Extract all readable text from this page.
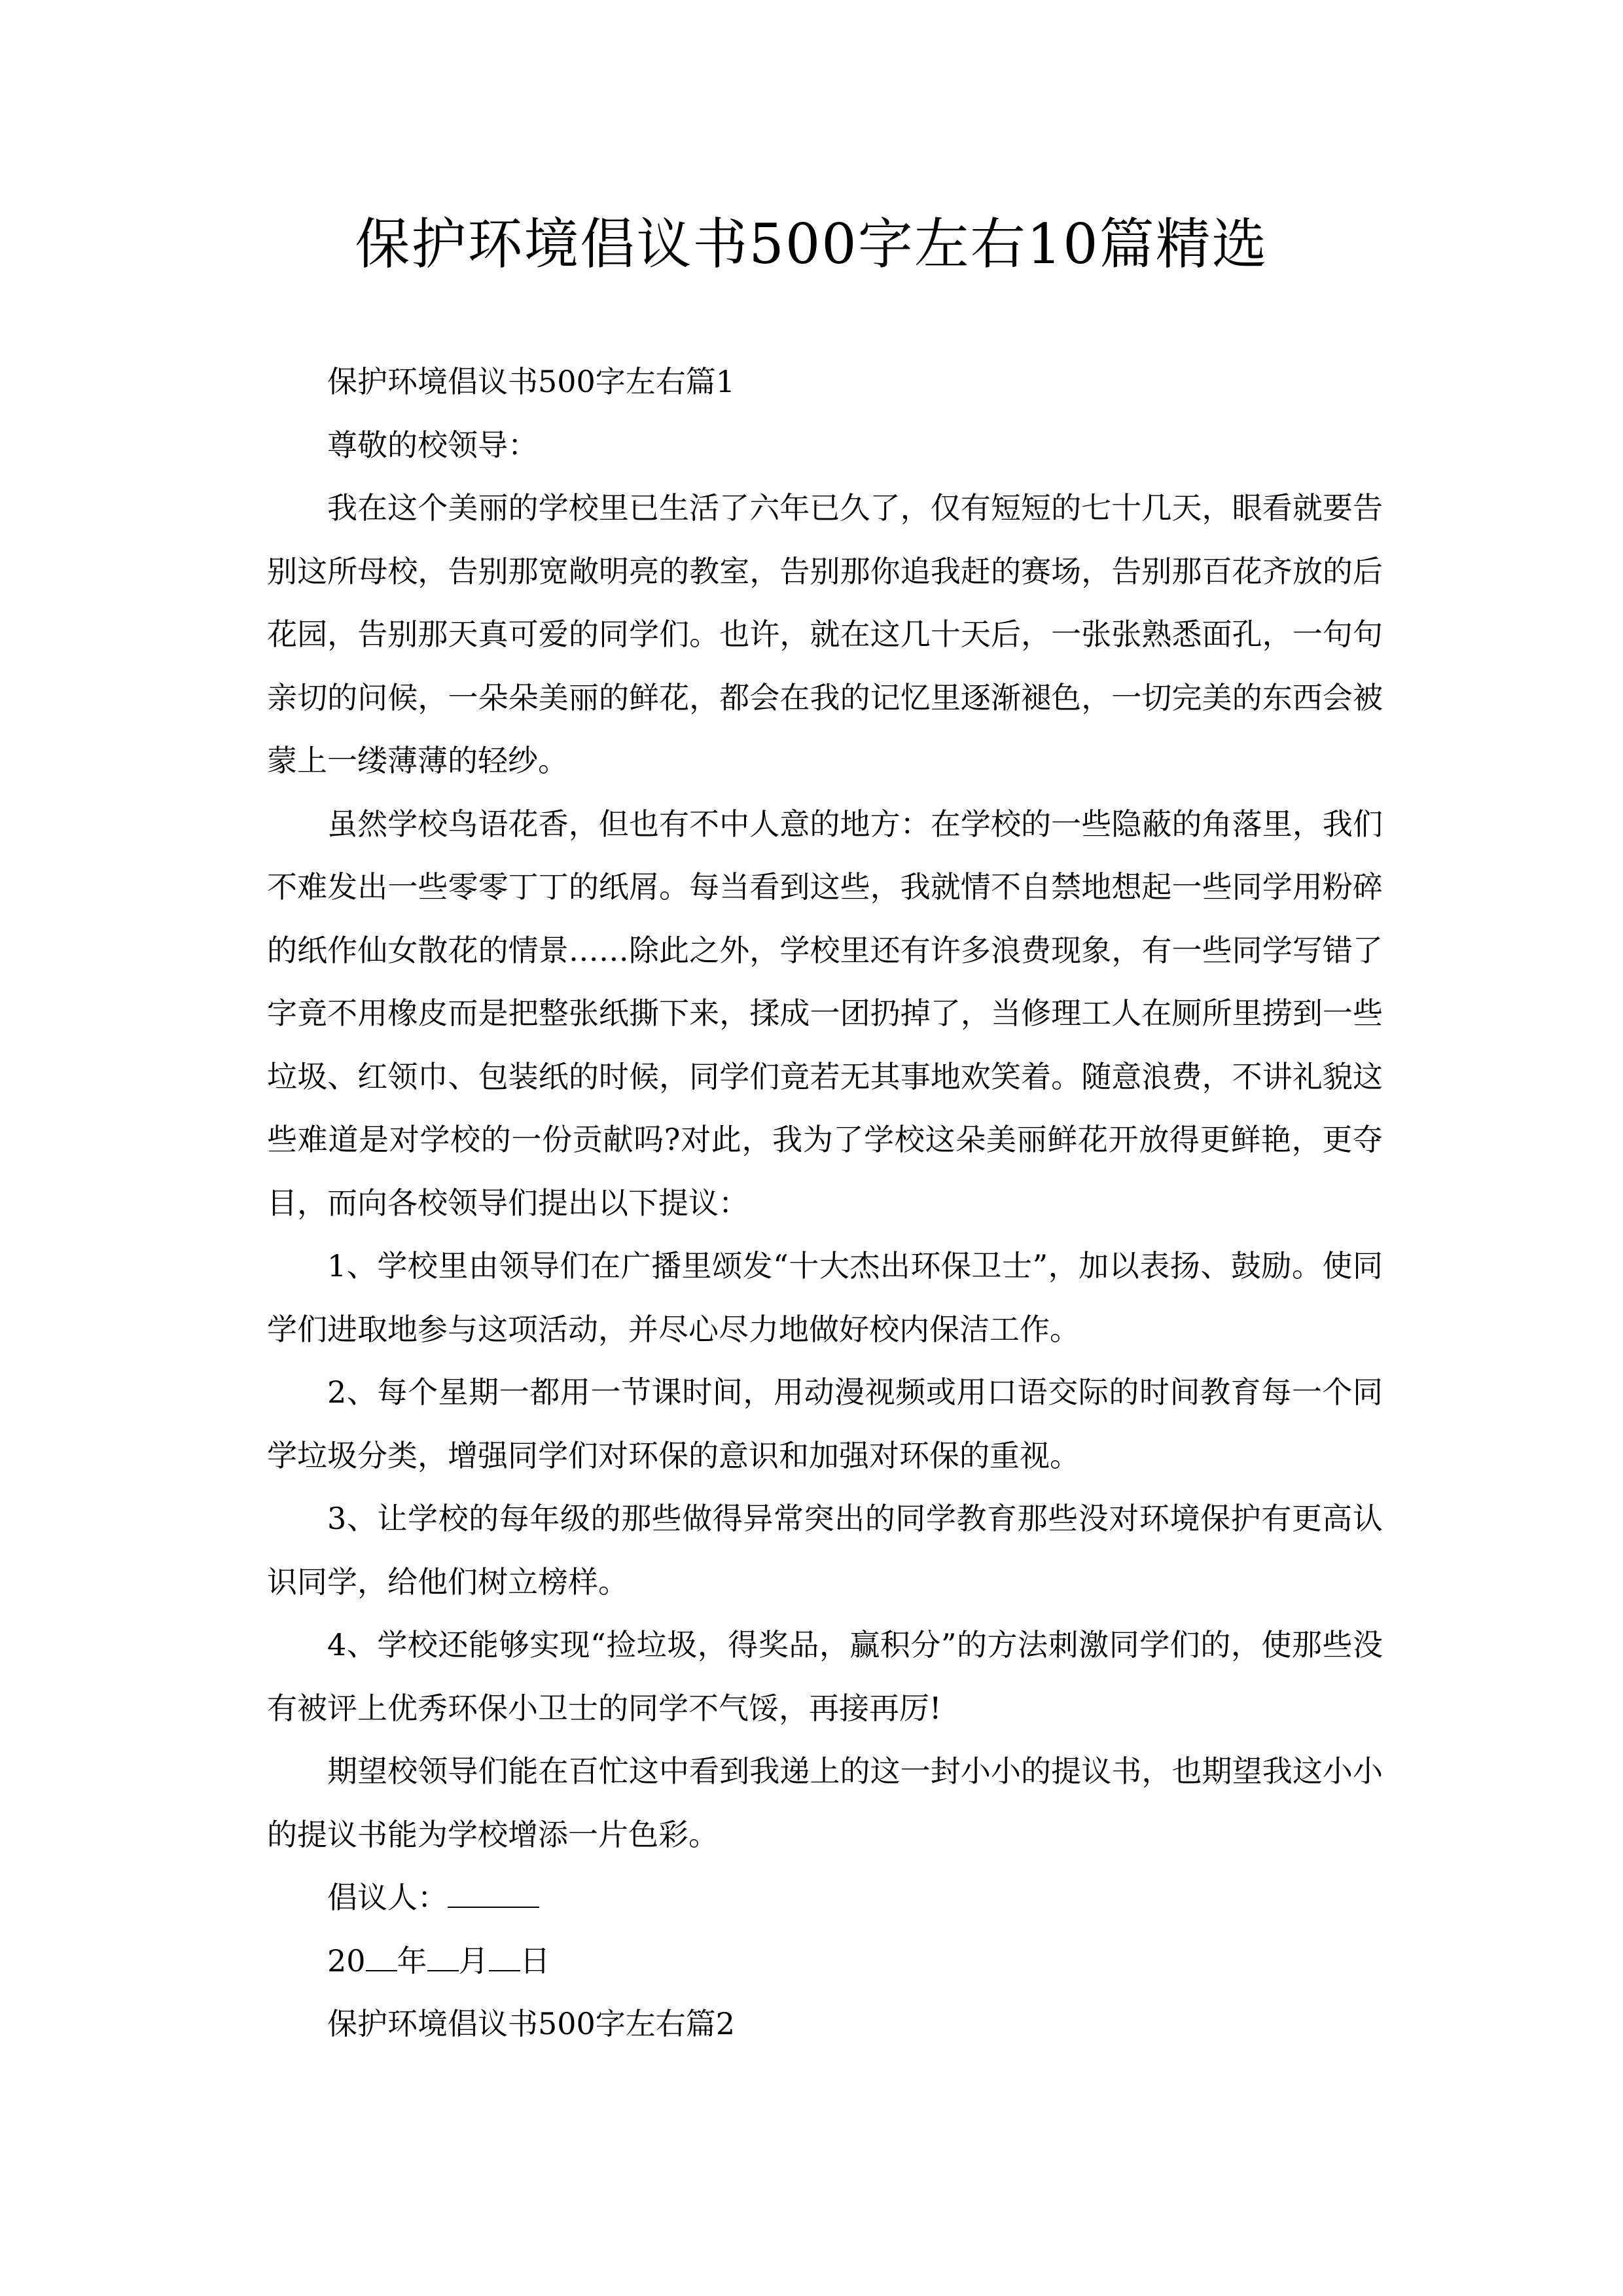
保护环境倡议书500字左右10篇精选

保护环境倡议书500字左右篇1

尊敬的校领导：

我在这个美丽的学校里已生活了六年已久了，仅有短短的七十几天，眼看就要告别这所母校，告别那宽敞明亮的教室，告别那你追我赶的赛场，告别那百花齐放的后花园，告别那天真可爱的同学们。也许，就在这几十天后，一张张熟悉面孔，一句句亲切的问候，一朵朵美丽的鲜花，都会在我的记忆里逐渐褪色，一切完美的东西会被蒙上一缕薄薄的轻纱。

虽然学校鸟语花香，但也有不中人意的地方：在学校的一些隐蔽的角落里，我们不难发出一些零零丁丁的纸屑。每当看到这些，我就情不自禁地想起一些同学用粉碎的纸作仙女散花的情景……除此之外，学校里还有许多浪费现象，有一些同学写错了字竟不用橡皮而是把整张纸撕下来，揉成一团扔掉了，当修理工人在厕所里捞到一些垃圾、红领巾、包装纸的时候，同学们竟若无其事地欢笑着。随意浪费，不讲礼貌这些难道是对学校的一份贡献吗?对此，我为了学校这朵美丽鲜花开放得更鲜艳，更夺目，而向各校领导们提出以下提议：

1、学校里由领导们在广播里颂发“十大杰出环保卫士”，加以表扬、鼓励。使同学们进取地参与这项活动，并尽心尽力地做好校内保洁工作。

2、每个星期一都用一节课时间，用动漫视频或用口语交际的时间教育每一个同学垃圾分类，增强同学们对环保的意识和加强对环保的重视。

3、让学校的每年级的那些做得异常突出的同学教育那些没对环境保护有更高认识同学，给他们树立榜样。

4、学校还能够实现“捡垃圾，得奖品，赢积分”的方法刺激同学们的，使那些没有被评上优秀环保小卫士的同学不气馁，再接再厉!

期望校领导们能在百忙这中看到我递上的这一封小小的提议书，也期望我这小小的提议书能为学校增添一片色彩。

倡议人：

20 年 月 日

保护环境倡议书500字左右篇2
